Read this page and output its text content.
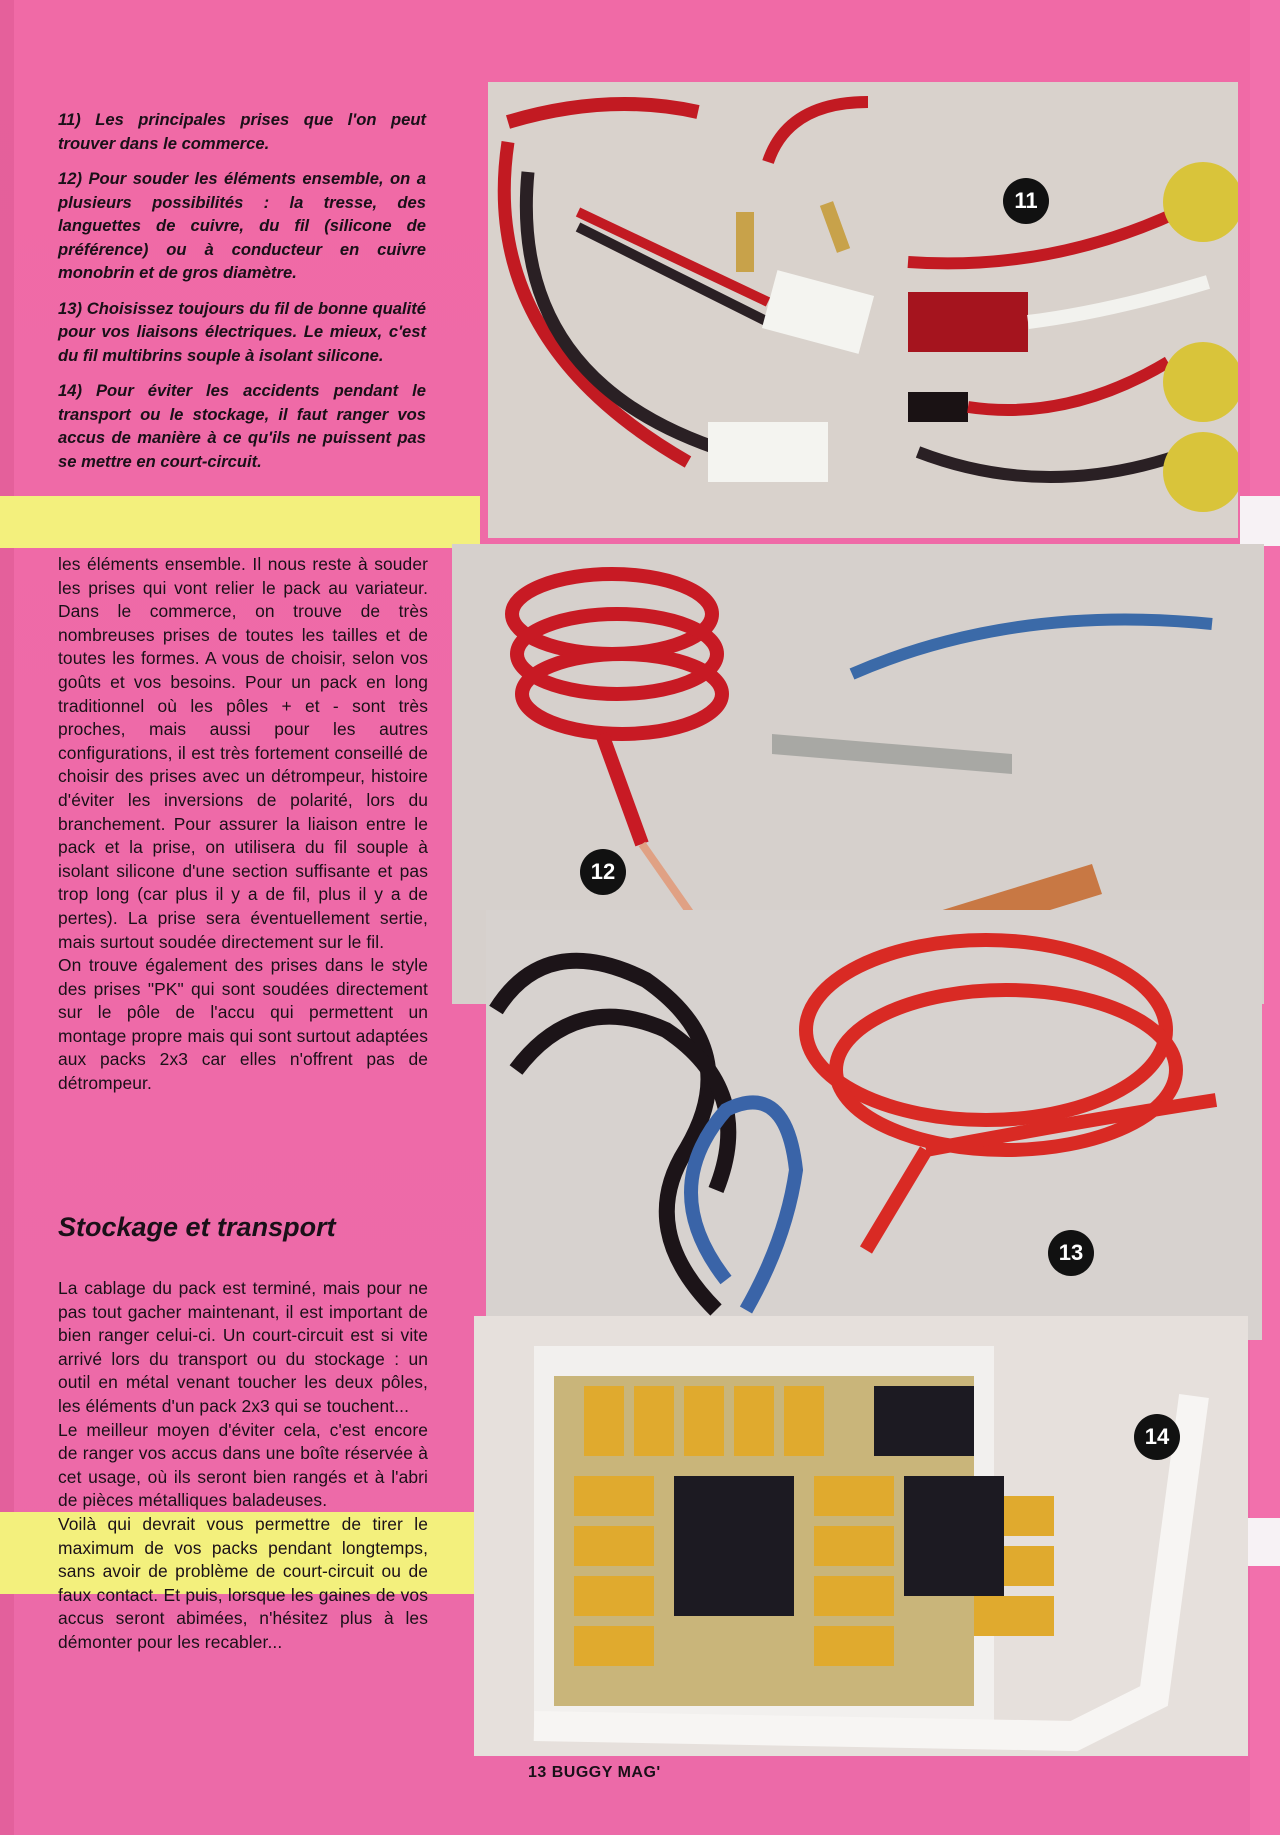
11) Les principales prises que l'on peut trouver dans le commerce.

12) Pour souder les éléments ensemble, on a plusieurs possibilités : la tresse, des languettes de cuivre, du fil (silicone de préférence) ou à conducteur en cuivre monobrin et de gros diamètre.

13) Choisissez toujours du fil de bonne qualité pour vos liaisons électriques. Le mieux, c'est du fil multibrins souple à isolant silicone.

14) Pour éviter les accidents pendant le transport ou le stockage, il faut ranger vos accus de manière à ce qu'ils ne puissent pas se mettre en court-circuit.

les éléments ensemble. Il nous reste à souder les prises qui vont relier le pack au variateur. Dans le commerce, on trouve de très nombreuses prises de toutes les tailles et de toutes les formes. A vous de choisir, selon vos goûts et vos besoins. Pour un pack en long traditionnel où les pôles + et - sont très proches, mais aussi pour les autres configurations, il est très fortement conseillé de choisir des prises avec un détrompeur, histoire d'éviter les inversions de polarité, lors du branchement. Pour assurer la liaison entre le pack et la prise, on utilisera du fil souple à isolant silicone d'une section suffisante et pas trop long (car plus il y a de fil, plus il y a de pertes). La prise sera éventuellement sertie, mais surtout soudée directement sur le fil.

On trouve également des prises dans le style des prises "PK" qui sont soudées directement sur le pôle de l'accu qui permettent un montage propre mais qui sont surtout adaptées aux packs 2x3 car elles n'offrent pas de détrompeur.

Stockage et transport

La cablage du pack est terminé, mais pour ne pas tout gacher maintenant, il est important de bien ranger celui-ci. Un court-circuit est si vite arrivé lors du transport ou du stockage : un outil en métal venant toucher les deux pôles, les éléments d'un pack 2x3 qui se touchent...

Le meilleur moyen d'éviter cela, c'est encore de ranger vos accus dans une boîte réservée à cet usage, où ils seront bien rangés et à l'abri de pièces métalliques baladeuses.

Voilà qui devrait vous permettre de tirer le maximum de vos packs pendant longtemps, sans avoir de problème de court-circuit ou de faux contact. Et puis, lorsque les gaines de vos accus seront abimées, n'hésitez plus à les démonter pour les recabler...

11
12
13
14
13 BUGGY MAG'
